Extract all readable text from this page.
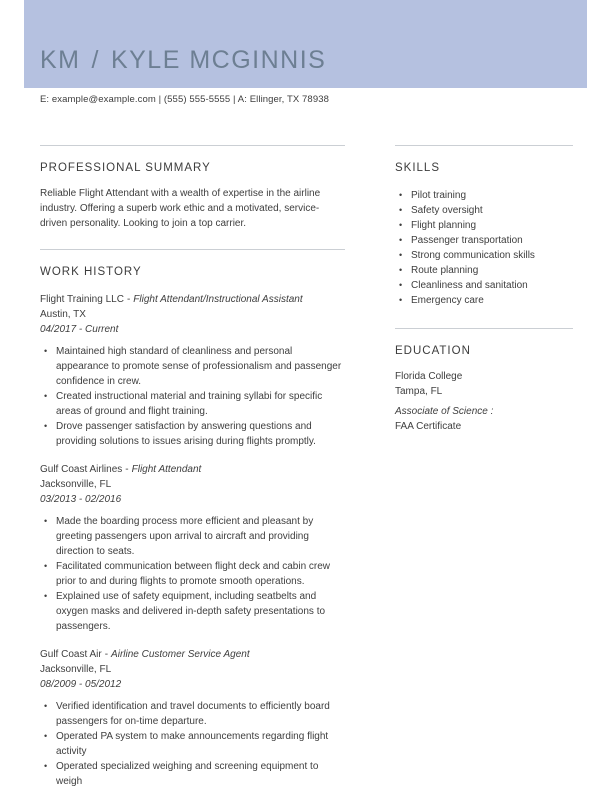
KM / KYLE MCGINNIS
E: example@example.com | (555) 555-5555 | A: Ellinger, TX 78938
PROFESSIONAL SUMMARY
Reliable Flight Attendant with a wealth of expertise in the airline industry. Offering a superb work ethic and a motivated, service-driven personality. Looking to join a top carrier.
WORK HISTORY
Flight Training LLC - Flight Attendant/Instructional Assistant
Austin, TX
04/2017 - Current
• Maintained high standard of cleanliness and personal appearance to promote sense of professionalism and passenger confidence in crew.
• Created instructional material and training syllabi for specific areas of ground and flight training.
• Drove passenger satisfaction by answering questions and providing solutions to issues arising during flights promptly.
Gulf Coast Airlines - Flight Attendant
Jacksonville, FL
03/2013 - 02/2016
• Made the boarding process more efficient and pleasant by greeting passengers upon arrival to aircraft and providing direction to seats.
• Facilitated communication between flight deck and cabin crew prior to and during flights to promote smooth operations.
• Explained use of safety equipment, including seatbelts and oxygen masks and delivered in-depth safety presentations to passengers.
Gulf Coast Air - Airline Customer Service Agent
Jacksonville, FL
08/2009 - 05/2012
• Verified identification and travel documents to efficiently board passengers for on-time departure.
• Operated PA system to make announcements regarding flight activity
• Operated specialized weighing and screening equipment to weigh
SKILLS
• Pilot training
• Safety oversight
• Flight planning
• Passenger transportation
• Strong communication skills
• Route planning
• Cleanliness and sanitation
• Emergency care
EDUCATION
Florida College
Tampa, FL
Associate of Science :
FAA Certificate
